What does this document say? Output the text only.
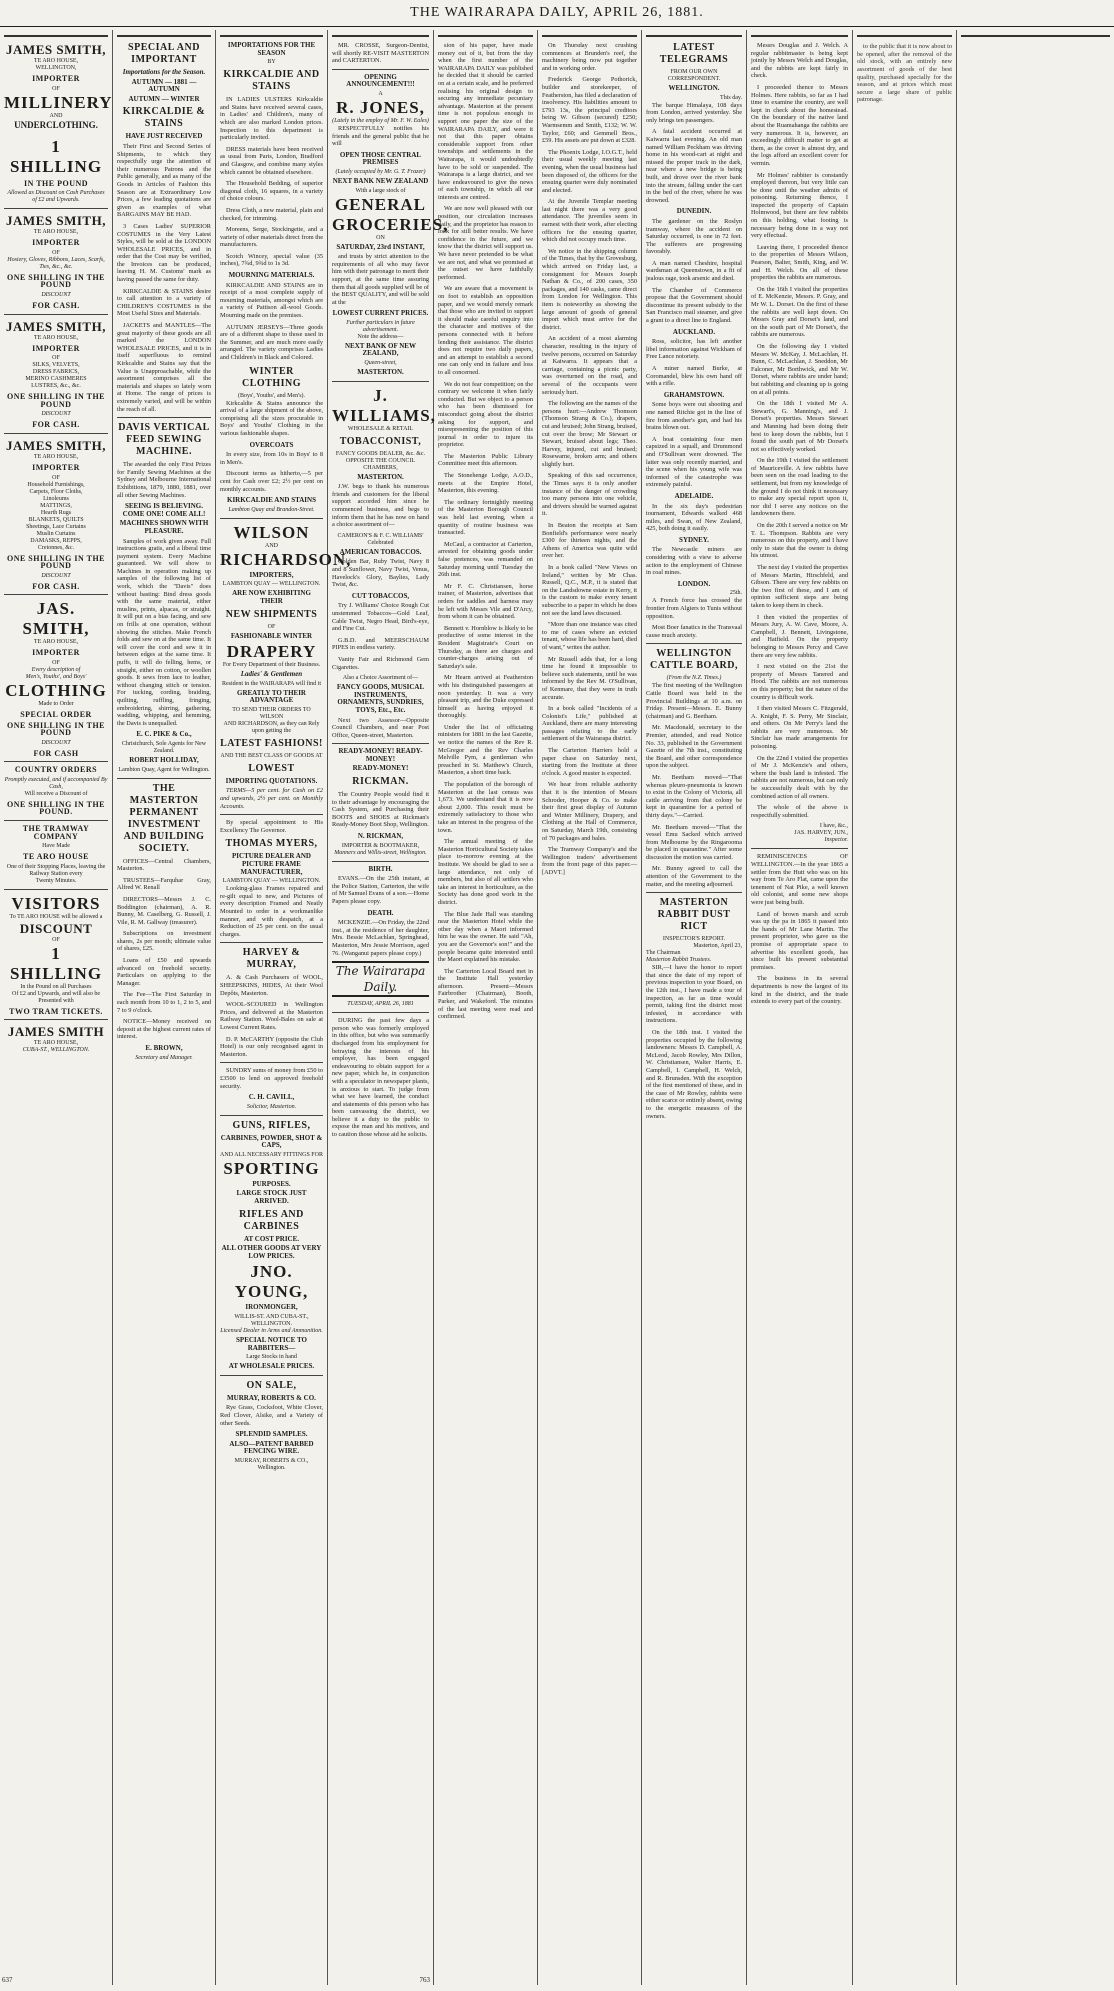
THE WAIRARAPA DAILY, APRIL 26, 1881.
JAMES SMITH,
TE ARO HOUSE,
WELLINGTON,
IMPORTER
OF
MILLINERY
AND
UNDERCLOTHING.
1 SHILLING
IN THE POUND
Allowed as Discount on Cash Purchases
of £2 and Upwards.
JAMES SMITH,
TE ARO HOUSE,
IMPORTER
OF
Hosiery, Gloves, Ribbons, Laces, Scarfs, Ties, &c., &c.
ONE SHILLING IN THE POUND
DISCOUNT
FOR CASH.
JAMES SMITH,
TE ARO HOUSE,
IMPORTER
OF
SILKS, VELVETS,
DRESS FABRICS,
MERINO CASHMERES
LUSTRES, &c., &c.
ONE SHILLING IN THE POUND
DISCOUNT
FOR CASH.
JAMES SMITH,
TE ARO HOUSE,
IMPORTER
OF
Household Furnishings,
Carpets, Floor Cloths,
Linoleums
MATTINGS,
Hearth Rugs
BLANKETS, QUILTS
Sheetings, Lace Curtains
Muslin Curtains
DAMASKS, REPPS,
Cretonnes, &c.
ONE SHILLING IN THE POUND
DISCOUNT
FOR CASH.
JAS. SMITH,
TE ARO HOUSE,
IMPORTER
OF
Every description of
Men's, Youths', and Boys'
CLOTHING
Made to Order
SPECIAL ORDER
ONE SHILLING IN THE POUND
DISCOUNT
FOR CASH
COUNTRY ORDERS
Promptly executed, and if accompanied By Cash,
Will receive a Discount of
ONE SHILLING IN THE POUND.
THE TRAMWAY COMPANY
Have Made
TE ARO HOUSE
One of their Stopping Places, leaving the Railway Station every
Twenty Minutes.
VISITORS
To TE ARO HOUSE will be allowed a
DISCOUNT
OF
1 SHILLING
In the Pound on all Purchases
Of £2 and Upwards, and will also be Presented with
TWO TRAM TICKETS.
JAMES SMITH
TE ARO HOUSE,
CUBA-ST., WELLINGTON.
637
SPECIAL AND IMPORTANT
Importations for the Season.
AUTUMN — 1881 — AUTUMN
AUTUMN — WINTER
KIRKCALDIE & STAINS
HAVE JUST RECEIVED

Their First and Second Series of Shipments, to which they respectfully urge the attention of their numerous Patrons and the Public generally, and as many of the Goods in Articles of Fashion this Season are at Extraordinary Low Prices, a few leading quotations are given as examples of what BARGAINS MAY BE HAD.

3 Cases Ladies' SUPERIOR COSTUMES in the Very Latest Styles, will be sold at the LONDON WHOLESALE PRICES, and in order that the Cost may be verified, the Invoices can be produced, leaving H. M. Customs' mark as having passed the same for duty.

KIRKCALDIE & STAINS desire to call attention to a variety of CHILDREN'S COSTUMES in the Most Useful Sizes and Materials.

JACKETS and MANTLES—The great majority of these goods are all marked the LONDON WHOLESALE PRICES, and it is in itself superfluous to remind Kirkcaldie and Stains say that the Value is Unapproachable, while the assortment comprises all the materials and shapes so lately worn at Home. The range of prices is extremely varied, and will be within the reach of all.

DAVIS VERTICAL FEED SEWING MACHINE.

The awarded the only First Prizes for Family Sewing Machines at the Sydney and Melbourne International Exhibitions, 1879, 1880, 1881, over all other Sewing Machines.

SEEING IS BELIEVING. COME ONE! COME ALL!
MACHINES SHOWN WITH PLEASURE.

Samples of work given away. Full instructions gratis, and a liberal time payment system. Every Machine guaranteed. We will show to Machines in operation making up samples of the following list of work, which the "Davis" does without basting: Bind dress goods with the same material, either muslins, prints, alpacas, or straight. It will put on a bias facing, and sew on frills at one operation, without showing the stitches. Make French folds and sew on at the same time. It will cover the cord and sew it in between edges at the same time. It puffs, it will do felling, hems, or straight, either on cotton, or woollen goods. It sews from lace to leather, without changing stitch or tension. For tucking, cording, braiding, quilting, ruffling, fringing, embroidering, shirring, gathering, wadding, whipping, and hemming, the Davis is unequalled.

E. C. PIKE & Co.,
Christchurch, Sole Agents for New Zealand.
ROBERT HOLLIDAY,
Lambton Quay, Agent for Wellington.
THE MASTERTON PERMANENT INVESTMENT AND BUILDING SOCIETY.

OFFICES—Central Chambers, Masterton.

TRUSTEES—Farquhar Gray, Alfred W. Renall

DIRECTORS—Messrs J. C. Boddington (chairman), A. R. Bunny, M. Caselberg, G. Russell, J. Vile, R. M. Gallway (treasurer).

Subscriptions on investment shares, 2s per month; ultimate value of shares, £25.

Loans of £50 and upwards advanced on freehold security. Particulars on applying to the Manager.

The Fee—The First Saturday in each month from 10 to 1, 2 to 5, and 7 to 9 o'clock.

NOTICE—Money received on deposit at the highest current rates of interest.

E. BROWN,
Secretary and Manager.
IMPORTATIONS FOR THE SEASON
BY
KIRKCALDIE AND STAINS

IN LADIES ULSTERS Kirkcaldie and Stains have received several cases, in Ladies' and Children's, many of which are also marked London prices. Inspection to this department is particularly invited.

DRESS materials have been received as usual from Paris, London, Bradford and Glasgow, and combine many styles which cannot be obtained elsewhere.

The Household Bedding, of superior diagonal cloth, 16 squares, in a variety of choice colours.

Dress Cloth, a new material, plain and checked, for trimming.

Moreens, Serge, Stockingette, and a variety of other materials direct from the manufacturers.

Scotch Wincey, special value (35 inches), 7¾d, 9¾d to 1s 3d.

MOURNING MATERIALS.

KIRKCALDIE AND STAINS are in receipt of a most complete supply of mourning materials, amongst which are a variety of Pattison all-wool Goods. Mourning made on the premises.

AUTUMN JERSEYS—Three goods are of a different shape to those used in the Summer, and are much more easily arranged. The variety comprises Ladies and Children's in Black and Colored.

WINTER CLOTHING
(Boys', Youths', and Men's).

Kirkcaldie & Stains announce the arrival of a large shipment of the above, comprising all the sizes procurable in Boys' and Youths' Clothing in the various fashionable shapes.

OVERCOATS

In every size, from 10s in Boys' to 8 in Men's.

Discount terms as hitherto,—5 per cent for Cash over £2; 2½ per cent on monthly accounts.

KIRKCALDIE AND STAINS
Lambton Quay and Brandon-Street.
WILSON
AND
RICHARDSON,
IMPORTERS,
LAMBTON QUAY — WELLINGTON.
ARE NOW EXHIBITING THEIR
NEW SHIPMENTS
OF
FASHIONABLE WINTER
DRAPERY
For Every Department of their Business.
Ladies' & Gentlemen
Resident in the WAIRARAPA will find it
GREATLY TO THEIR ADVANTAGE
TO SEND THEIR ORDERS TO WILSON
AND RICHARDSON, as they can Rely upon getting the
LATEST FASHIONS!
AND THE BEST CLASS OF GOODS AT
LOWEST
IMPORTING QUOTATIONS.

TERMS—5 per cent. for Cash on £2 and upwards, 2½ per cent. on Monthly Accounts.

By special appointment to His Excellency The Governor.

THOMAS MYERS,
PICTURE DEALER AND PICTURE FRAME MANUFACTURER,
LAMBTON QUAY — WELLINGTON.

Looking-glass Frames repaired and re-gilt equal to new, and Pictures of every description Framed and Neatly Mounted to order in a workmanlike manner, and with despatch, at a Reduction of 25 per cent. on the usual charges.

HARVEY & MURRAY,

A. & Cash Purchasers of WOOL, SHEEPSKINS, HIDES, At their Wool Depôts, Masterton.

WOOL-SCOURED in Wellington Prices, and delivered at the Masterton Railway Station. Wool-Bales on sale at Lowest Current Rates.

D. P. McCARTHY (opposite the Club Hotel) is our only recognised agent in Masterton.

SUNDRY sums of money from £50 to £3500 to lend on approved freehold security.

C. H. CAVILL,
Solicitor, Masterton.
GUNS, RIFLES,
CARBINES, POWDER, SHOT & CAPS,
AND ALL NECESSARY FITTINGS FOR
SPORTING
PURPOSES.
LARGE STOCK JUST ARRIVED.
RIFLES AND CARBINES
AT COST PRICE.
ALL OTHER GOODS AT VERY LOW PRICES.
JNO. YOUNG,
IRONMONGER,
WILLIS-ST. AND CUBA-ST., WELLINGTON.
Licensed Dealer in Arms and Ammunition.
SPECIAL NOTICE TO RABBITERS—
Large Stocks in hand
AT WHOLESALE PRICES.
ON SALE,
MURRAY, ROBERTS & CO.

Rye Grass, Cocksfoot, White Clover, Red Clover, Alsike, and a Variety of other Seeds.

SPLENDID SAMPLES.
ALSO—PATENT BARBED FENCING WIRE.
MURRAY, ROBERTS & CO., Wellington.

MR. CROSSE, Surgeon-Dentist, will shortly RE-VISIT MASTERTON and CARTERTON.

OPENING ANNOUNCEMENT!!!
A
R. JONES,
(Lately in the employ of Mr. F. W. Eales)

RESPECTFULLY notifies his friends and the general public that he will

OPEN THOSE CENTRAL PREMISES
(Lately occupied by Mr. G. T. Frazer)
NEXT BANK NEW ZEALAND
With a large stock of
GENERAL
GROCERIES,
ON
SATURDAY, 23rd INSTANT,

and trusts by strict attention to the requirements of all who may favor him with their patronage to merit their support, at the same time assuring them that all goods supplied will be of the BEST QUALITY, and will be sold at the

LOWEST CURRENT PRICES.
Further particulars in future advertisement.
Note the address—
NEXT BANK OF NEW ZEALAND,
Queen-street,
MASTERTON.
J. WILLIAMS,
WHOLESALE & RETAIL
TOBACCONIST,
FANCY GOODS DEALER, &c. &c.
OPPOSITE THE COUNCIL CHAMBERS,
MASTERTON.

J.W. begs to thank his numerous friends and customers for the liberal support accorded him since he commenced business, and begs to inform them that he has now on hand a choice assortment of—

CAMERON'S & F. C. WILLIAMS' Celebrated
AMERICAN TOBACCOS.

Golden Bar, Ruby Twist, Navy 8 and 8 Sunflower, Navy Twist, Venus, Havelock's Glory, Baylies, Lady Twist, &c.

CUT TOBACCOS,

Try J. Williams' Choice Rough Cut unstemmed Tobaccos—Gold Leaf, Cable Twist, Negro Head, Bird's-eye, and Fine Cut.

G.B.D. and MEERSCHAUM PIPES in endless variety.

Vanity Fair and Richmond Gem Cigarettes.

Also a Choice Assortment of—
FANCY GOODS, MUSICAL INSTRUMENTS, ORNAMENTS, SUNDRIES, TOYS, Etc., Etc.

Next two Assessor—Opposite Council Chambers, and near Post Office, Queen-street, Masterton.

READY-MONEY! READY-MONEY!
READY-MONEY!
RICKMAN.

The Country People would find it to their advantage by encouraging the Cash System, and Purchasing their BOOTS and SHOES at Rickman's Ready-Money Boot Shop, Wellington.

N. RICKMAN,
IMPORTER & BOOTMAKER,
Manners and Willis-street, Wellington.
BIRTH.

EVANS.—On the 25th instant, at the Police Station, Carterton, the wife of Mr Samuel Evans of a son.—Home Papers please copy.

DEATH.

MCKENZIE.—On Friday, the 22nd inst., at the residence of her daughter, Mrs. Bessie McLachlan, Springhead, Masterton, Mrs Jessie Morrison, aged 76. (Wanganui papers please copy.)

The Wairarapa Daily.
TUESDAY, APRIL 26, 1881

DURING the past few days a person who was formerly employed in this office, but who was summarily discharged from his employment for betraying the interests of his employer, has been engaged endeavouring to obtain support for a new paper, which he, in conjunction with a speculator in newspaper plants, is anxious to start. To judge from what we have learned, the conduct and statements of this person who has been canvassing the district, we believe it a duty to the public to expose the man and his motives, and to caution those whose aid he solicits.

763

sion of his paper, have made money out of it, but from the day when the first number of the WAIRARAPA DAILY was published he decided that it should be carried on at a certain scale, and he preferred realising his original design to securing any immediate pecuniary advantage. Masterton at the present time is not populous enough to support one paper the size of the WAIRARAPA DAILY, and were it not that this paper obtains considerable support from other townships and settlements in the Wairarapa, it would undoubtedly have to be sold or suspended. The Wairarapa is a large district, and we have endeavoured to give the news of each township, in which all our interests are centred.

We are now well pleased with our position, our circulation increases daily, and the proprietor has reason to look for still better results. We have confidence in the future, and we know that the district will support us. We have never pretended to be what we are not, and what we promised at the outset we have faithfully performed.

We are aware that a movement is on foot to establish an opposition paper, and we would merely remark that those who are invited to support it should make careful enquiry into the character and motives of the persons connected with it before lending their assistance. The district does not require two daily papers, and an attempt to establish a second one can only end in failure and loss to all concerned.

We do not fear competition; on the contrary we welcome it when fairly conducted. But we object to a person who has been dismissed for misconduct going about the district asking for support, and misrepresenting the position of this journal in order to injure its proprietor.

The Masterton Public Library Committee meet this afternoon.

The Stonehenge Lodge, A.O.D., meets at the Empire Hotel, Masterton, this evening.

The ordinary fortnightly meeting of the Masterton Borough Council was held last evening, when a quantity of routine business was transacted.

McCaul, a contractor at Carterton, arrested for obtaining goods under false pretences, was remanded on Saturday morning until Tuesday the 26th inst.

Mr F. C. Christiansen, horse trainer, of Masterton, advertises that orders for saddles and harness may be left with Messrs Vile and D'Arcy, from whom it can be obtained.

Bennett v. Hornblow is likely to be productive of some interest in the Resident Magistrate's Court on Thursday, as there are charges and counter-charges arising out of Saturday's sale.

Mr Hearn arrived at Featherston with his distinguished passengers at noon yesterday. It was a very pleasant trip, and the Duke expressed himself as having enjoyed it thoroughly.

Under the list of officiating ministers for 1881 in the last Gazette, we notice the names of the Rev R. McGregor and the Rev Charles Melville Pym, a gentleman who preached in St. Matthew's Church, Masterton, a short time back.

The population of the borough of Masterton at the last census was 1,673. We understand that it is now about 2,000. This result must be extremely satisfactory to those who take an interest in the progress of the town.

The annual meeting of the Masterton Horticultural Society takes place to-morrow evening at the Institute. We should be glad to see a large attendance, not only of members, but also of all settlers who take an interest in horticulture, as the Society has done good work in the district.

The Blue Jade Hall was standing near the Masterton Hotel while the other day when a Maori informed him he was the owner. He said "Ah, you are the Governor's son!" and the people became quite interested until the Maori explained his mistake.

The Carterton Local Board met in the Institute Hall yesterday afternoon. Present—Messrs Fairbrother (Chairman), Booth, Parker, and Wakeford. The minutes of the last meeting were read and confirmed.

On Thursday next crushing commences at Brunden's reef, the machinery being now put together and in working order.

Frederick George Pothorick, builder and storekeeper, of Featherston, has filed a declaration of insolvency. His liabilities amount to £793 13s, the principal creditors being W. Gibson (secured) £250; Warmsemm and Smith, £132; W. W. Taylor, £60; and Gemmell Bros., £59. His assets are put down at £328.

The Phoenix Lodge, I.O.G.T., held their usual weekly meeting last evening, when the usual business had been disposed of, the officers for the ensuing quarter were duly nominated and elected.

At the Juvenile Templar meeting last night there was a very good attendance. The juveniles seem in earnest with their work, after electing officers for the ensuing quarter, which did not occupy much time.

We notice in the shipping column of the Times, that by the Grovesburg, which arrived on Friday last, a consignment for Messrs Joseph Nathan & Co., of 200 cases, 350 packages, and 140 casks, came direct from London for Wellington. This item is noteworthy as showing the large amount of goods of general import which must arrive for the district.

An accident of a most alarming character, resulting in the injury of twelve persons, occurred on Saturday at Kaiwarra. It appears that a carriage, containing a picnic party, was overturned on the road, and several of the occupants were seriously hurt.

The following are the names of the persons hurt:—Andrew Thomson (Thomson Strang & Co.), drapers, cut and bruised; John Strang, bruised, cut over the brow; Mr Stewart or Stewart, bruised about legs; Theo. Harvey, injured, cut and bruised; Rosewarne, broken arm; and others slightly hurt.

Speaking of this sad occurrence, the Times says it is only another instance of the danger of crowding too many persons into one vehicle, and drivers should be warned against it.

In Beaton the receipts at Sam Bonfield's performance were nearly £300 for thirteen nights, and the Athens of America was quite wild over her.

In a book called "New Views on Ireland," written by Mr Chas. Russell, Q.C., M.P., it is stated that on the Landsdowne estate in Kerry, it is the custom to make every tenant subscribe to a paper in which he does not see the land laws discussed.

"More than one instance was cited to me of cases where an evicted tenant, whose life has been hard, died of want," writes the author.

Mr Russell adds that, for a long time he found it impossible to believe such statements, until he was informed by the Rev M. O'Sullivan, of Kenmare, that they were in truth accurate.

In a book called "Incidents of a Colonist's Life," published at Auckland, there are many interesting passages relating to the early settlement of the Wairarapa district.

The Carterton Harriers hold a paper chase on Saturday next, starting from the Institute at three o'clock. A good muster is expected.

We hear from reliable authority that it is the intention of Messrs Schroder, Hooper & Co. to make their first great display of Autumn and Winter Millinery, Drapery, and Clothing at the Hall of Commerce, on Saturday, March 19th, consisting of 70 packages and bales.

The Tramway Company's and the Wellington traders' advertisement from the front page of this paper.—[ADVT.]

LATEST TELEGRAMS
FROM OUR OWN CORRESPONDENT.
WELLINGTON.
This day.

The barque Himalaya, 108 days from London, arrived yesterday. She only brings ten passengers.

A fatal accident occurred at Kaiwarra last evening. An old man named William Peckham was driving home in his wood-cart at night and missed the proper track in the dark, near where a new bridge is being built, and drove over the river bank into the stream, falling under the cart in the bed of the river, where he was drowned.

DUNEDIN.

The gardener on the Roslyn tramway, where the accident on Saturday occurred, is one in 72 feet. The sufferers are progressing favorably.

A man named Cheshire, hospital wardsman at Queenstown, in a fit of jealous rage, took arsenic and died.

The Chamber of Commerce propose that the Government should discontinue its present subsidy to the San Francisco mail steamer, and give a grant to a direct line to England.

AUCKLAND.

Ross, solicitor, has left another libel information against Wickham of Free Lance notoriety.

A miner named Burke, at Coromandel, blew his own hand off with a rifle.

GRAHAMSTOWN.

Some boys were out shooting and one named Ritchie got in the line of fire from another's gun, and had his brains blown out.

A boat containing four men capsized in a squall, and Drummond and O'Sullivan were drowned. The latter was only recently married, and the scene when his young wife was informed of the catastrophe was extremely painful.

ADELAIDE.

In the six day's pedestrian tournament, Edwards walked 468 miles, and Swan, of New Zealand, 425, both doing it easily.

SYDNEY.

The Newcastle miners are considering with a view to adverse action to the employment of Chinese in coal mines.

LONDON.
25th.

A French force has crossed the frontier from Algiers to Tunis without opposition.

Most Boer fanatics in the Transvaal cause much anxiety.

WELLINGTON CATTLE BOARD,
(From the N.Z. Times.)

The first meeting of the Wellington Cattle Board was held in the Provincial Buildings at 10 a.m. on Friday. Present—Messrs. E. Bunny (chairman) and G. Beetham.

Mr. Macdonald, secretary to the Premier, attended, and read Notice No. 33, published in the Government Gazette of the 7th inst., constituting the Board, and other correspondence upon the subject.

Mr. Beetham moved—"That whereas pleuro-pneumonia is known to exist in the Colony of Victoria, all cattle arriving from that colony be kept in quarantine for a period of thirty days."—Carried.

Mr. Beetham moved—"That the vessel Emu Sacked which arrived from Melbourne by the Ringarooma be placed in quarantine." After some discussion the motion was carried.

Mr. Bunny agreed to call the attention of the Government to the matter, and the meeting adjourned.

MASTERTON RABBIT DUST RICT
INSPECTOR'S REPORT.
Masterton, April 23,
The Chairman
Masterton Rabbit Trustees.

SIR,—I have the honor to report that since the date of my report of previous inspection to your Board, on the 12th inst., I have made a tour of inspection, as far as time would permit, taking first the district most infested, in accordance with instructions.

On the 18th inst. I visited the properties occupied by the following landowners: Messrs D. Campbell, A. McLeod, Jacob Rowley, Mrs Dillon, W. Christiansen, Walter Harris, E. Campbell, I. Campbell, H. Welch, and R. Brunsden. With the exception of the first mentioned of these, and in the case of Mr Rowley, rabbits were either scarce or entirely absent, owing to the energetic measures of the owners.

Messrs Douglas and J. Welch. A regular rabbitmaster is being kept jointly by Messrs Welch and Douglas, and the rabbits are kept fairly in check.

I proceeded thence to Messrs Holmes. Here rabbits, so far as I had time to examine the country, are well kept in check about the homestead. On the boundary of the native land about the Ruamahanga the rabbits are very numerous. It is, however, an exceedingly difficult matter to get at them, as the cover is almost dry, and the logs afford an excellent cover for vermin.

Mr Holmes' rabbiter is constantly employed thereon, but very little can be done until the weather admits of poisoning. Returning thence, I inspected the property of Captain Holmwood, but there are few rabbits on this holding, what footing is necessary being done in a way not very effectual.

Leaving there, I proceeded thence to the properties of Messrs Wilson, Pearson, Balter, Smith, King, and W. and H. Welch. On all of these properties the rabbits are numerous.

On the 16th I visited the properties of E. McKenzie, Messrs. P. Gray, and Mr W. L. Dorset. On the first of these the rabbits are well kept down. On Messrs Gray and Dorset's land, and on the south part of Mr Dorset's, the rabbits are numerous.

On the following day I visited Messrs W. McKay, J. McLachlan, H. Bunn, C. McLachlan, J. Sneddon, Mr Falconer, Mr Borthwick, and Mr W. Dorset, where rabbits are under hand; but rabbiting and cleaning up is going on at all points.

On the 18th I visited Mr A. Stewart's, G. Manning's, and J. Dorset's properties. Messrs Stewart and Manning had been doing their best to keep down the rabbits, but I found the south part of Mr Dorset's not so effectively worked.

On the 19th I visited the settlement of Mauriceville. A few rabbits have been seen on the road leading to the settlement, but from my knowledge of the ground I do not think it necessary to make any special report upon it, nor did I serve any notices on the landowners there.

On the 20th I served a notice on Mr T. L. Thompson. Rabbits are very numerous on this property, and I have only to state that the owner is doing his utmost.

The next day I visited the properties of Messrs Martin, Hirschfeld, and Gibson. There are very few rabbits on the two first of these, and I am of opinion sufficient steps are being taken to keep them in check.

I then visited the properties of Messrs Jury, A. W. Cave, Moore, A. Campbell, J. Bennett, Livingstone, and Hatfield. On the property belonging to Messrs Percy and Cave there are very few rabbits.

I next visited on the 21st the property of Messrs Tanered and Hood. The rabbits are not numerous on this property; but the nature of the country is difficult work.

I then visited Messrs C. Fitzgerald, A. Knight, F. S. Perry, Mr Sinclair, and others. On Mr Perry's land the rabbits are very numerous. Mr Sinclair has made arrangements for poisoning.

On the 22nd I visited the properties of Mr J. McKenzie's and others, where the bush land is infested. The rabbits are not numerous, but can only be successfully dealt with by the combined action of all owners.

The whole of the above is respectfully submitted.

I have, &c.,
JAS. HARVEY, JUN.,
Inspector.

REMINISCENCES OF WELLINGTON.—In the year 1865 a settler from the Hutt who was on his way from Te Aro Flat, came upon the tenement of Nat Pike, a well known old colonist, and some new shops were just being built.

Land of brown marsh and scrub was up the pa in 1865 it passed into the hands of Mr Lane Martin. The present proprietor, who gave us the promise of appropriate space to advertise his excellent goods, has since built his present substantial premises.

The business in its several departments is now the largest of its kind in the district, and the trade extends to every part of the country.

to the public that it is now about to be opened, after the removal of the old stock, with an entirely new assortment of goods of the best quality, purchased specially for the season, and at prices which must secure a large share of public patronage.
